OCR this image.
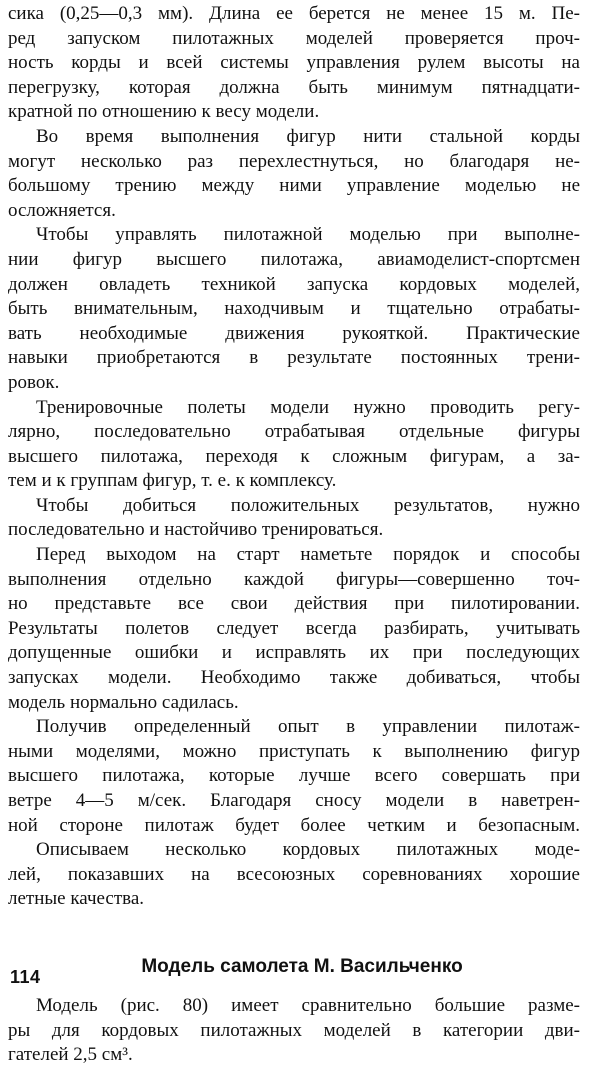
сика (0,25—0,3 мм). Длина ее берется не менее 15 м. Пе-
ред запуском пилотажных моделей проверяется проч-
ность корды и всей системы управления рулем высоты на
перегрузку, которая должна быть минимум пятнадцати-
кратной по отношению к весу модели.
Во время выполнения фигур нити стальной корды
могут несколько раз перехлестнуться, но благодаря не-
большому трению между ними управление моделью не
осложняется.
Чтобы управлять пилотажной моделью при выполне-
нии фигур высшего пилотажа, авиамоделист-спортсмен
должен овладеть техникой запуска кордовых моделей,
быть внимательным, находчивым и тщательно отрабаты-
вать необходимые движения рукояткой. Практические
навыки приобретаются в результате постоянных трени-
ровок.
Тренировочные полеты модели нужно проводить регу-
лярно, последовательно отрабатывая отдельные фигуры
высшего пилотажа, переходя к сложным фигурам, а за-
тем и к группам фигур, т. е. к комплексу.
Чтобы добиться положительных результатов, нужно
последовательно и настойчиво тренироваться.
Перед выходом на старт наметьте порядок и способы
выполнения отдельно каждой фигуры—совершенно точ-
но представьте все свои действия при пилотировании.
Результаты полетов следует всегда разбирать, учитывать
допущенные ошибки и исправлять их при последующих
запусках модели. Необходимо также добиваться, чтобы
модель нормально садилась.
Получив определенный опыт в управлении пилотаж-
ными моделями, можно приступать к выполнению фигур
высшего пилотажа, которые лучше всего совершать при
ветре 4—5 м/сек. Благодаря сносу модели в наветрен-
ной стороне пилотаж будет более четким и безопасным.
Описываем несколько кордовых пилотажных моде-
лей, показавших на всесоюзных соревнованиях хорошие
летные качества.
Модель самолета М. Васильченко
Модель (рис. 80) имеет сравнительно большие разме-
ры для кордовых пилотажных моделей в категории дви-
гателей 2,5 см³.
114
